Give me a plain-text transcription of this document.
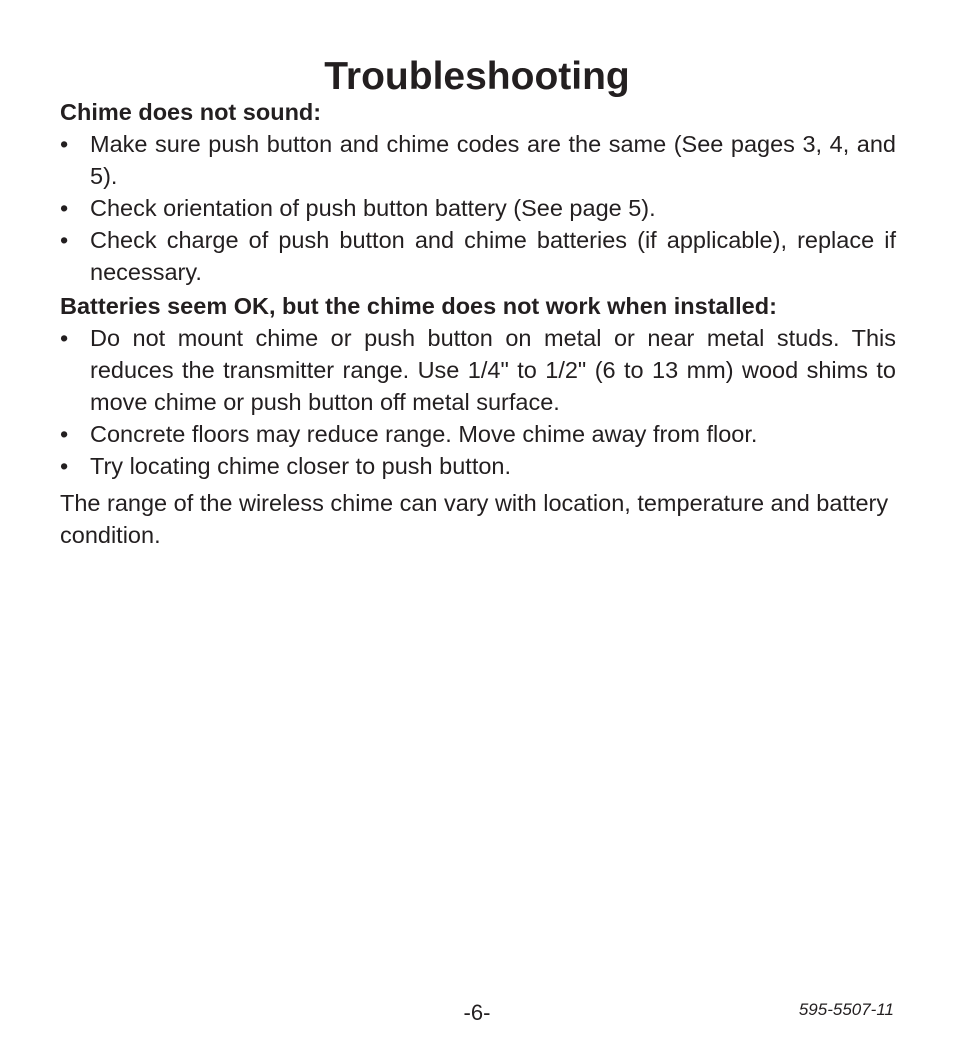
Troubleshooting

Chime does not sound:

• Make sure push button and chime codes are the same (See pages 3, 4, and 5).
• Check orientation of push button battery (See page 5).
• Check charge of push button and chime batteries (if applicable), replace if necessary.

Batteries seem OK, but the chime does not work when installed:

• Do not mount chime or push button on metal or near metal studs. This reduces the transmitter range. Use 1/4" to 1/2" (6 to 13 mm) wood shims to move chime or push button off metal surface.
• Concrete floors may reduce range. Move chime away from floor.
• Try locating chime closer to push button.

The range of the wireless chime can vary with location, temperature and battery condition.

-6-	595-5507-11
